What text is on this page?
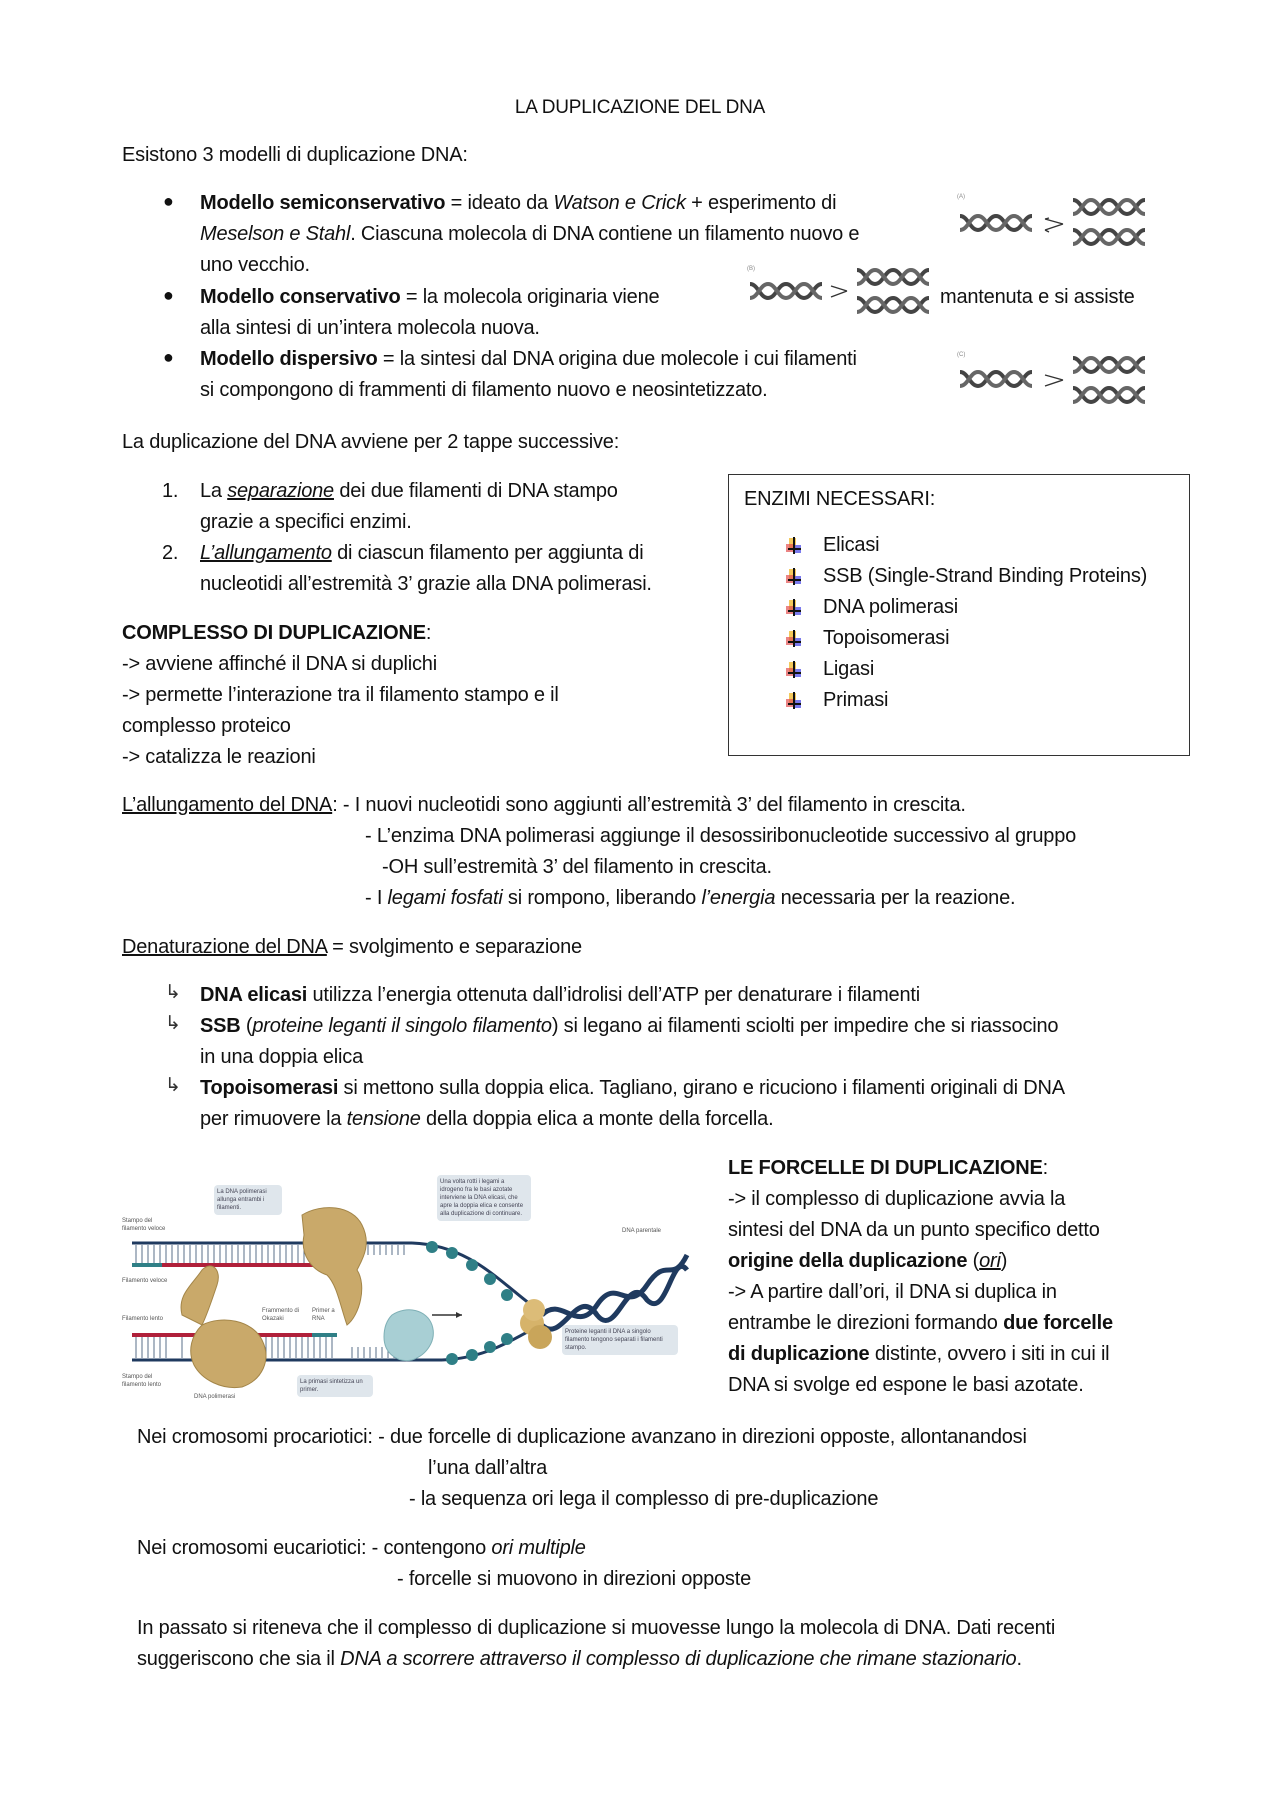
LA DUPLICAZIONE DEL DNA
Esistono 3 modelli di duplicazione DNA:
● Modello semiconservativo = ideato da Watson e Crick + esperimento di
Meselson e Stahl. Ciascuna molecola di DNA contiene un filamento nuovo e
uno vecchio.
● Modello conservativo = la molecola originaria viene	mantenuta e si assiste
alla sintesi di un’intera molecola nuova.
● Modello dispersivo = la sintesi dal DNA origina due molecole i cui filamenti
si compongono di frammenti di filamento nuovo e neosintetizzato.
(A)
(B)
(C)
La duplicazione del DNA avviene per 2 tappe successive:
1. La separazione dei due filamenti di DNA stampo
grazie a specifici enzimi.
2. L’allungamento di ciascun filamento per aggiunta di
nucleotidi all’estremità 3’ grazie alla DNA polimerasi.
ENZIMI NECESSARI:
Elicasi
SSB (Single-Strand Binding Proteins)
DNA polimerasi
Topoisomerasi
Ligasi
Primasi
COMPLESSO DI DUPLICAZIONE:
-> avviene affinché il DNA si duplichi
-> permette l’interazione tra il filamento stampo e il
complesso proteico
-> catalizza le reazioni
L’allungamento del DNA: - I nuovi nucleotidi sono aggiunti all’estremità 3’ del filamento in crescita.
- L’enzima DNA polimerasi aggiunge il desossiribonucleotide successivo al gruppo
-OH sull’estremità 3’ del filamento in crescita.
- I legami fosfati si rompono, liberando l’energia necessaria per la reazione.
Denaturazione del DNA = svolgimento e separazione
↳ DNA elicasi utilizza l’energia ottenuta dall’idrolisi dell’ATP per denaturare i filamenti
↳ SSB (proteine leganti il singolo filamento) si legano ai filamenti sciolti per impedire che si riassocino
in una doppia elica
↳ Topoisomerasi si mettono sulla doppia elica. Tagliano, girano e ricuciono i filamenti originali di DNA
per rimuovere la tensione della doppia elica a monte della forcella.
La DNA polimerasi allunga entrambi i filamenti.
Una volta rotti i legami a idrogeno fra le basi azotate interviene la DNA elicasi, che apre la doppia elica e consente alla duplicazione di continuare.
Proteine leganti il DNA a singolo filamento tengono separati i filamenti stampo.
La primasi sintetizza un primer.
Stampo del filamento veloce
Filamento veloce
Filamento lento
Stampo del filamento lento
Frammento di Okazaki
Primer a RNA
DNA polimerasi
DNA parentale
LE FORCELLE DI DUPLICAZIONE:
-> il complesso di duplicazione avvia la
sintesi del DNA da un punto specifico detto
origine della duplicazione (ori)
-> A partire dall’ori, il DNA si duplica in
entrambe le direzioni formando due forcelle
di duplicazione distinte, ovvero i siti in cui il
DNA si svolge ed espone le basi azotate.
Nei cromosomi procariotici: - due forcelle di duplicazione avanzano in direzioni opposte, allontanandosi
l’una dall’altra
- la sequenza ori lega il complesso di pre-duplicazione
Nei cromosomi eucariotici: - contengono ori multiple
- forcelle si muovono in direzioni opposte
In passato si riteneva che il complesso di duplicazione si muovesse lungo la molecola di DNA. Dati recenti
suggeriscono che sia il DNA a scorrere attraverso il complesso di duplicazione che rimane stazionario.
